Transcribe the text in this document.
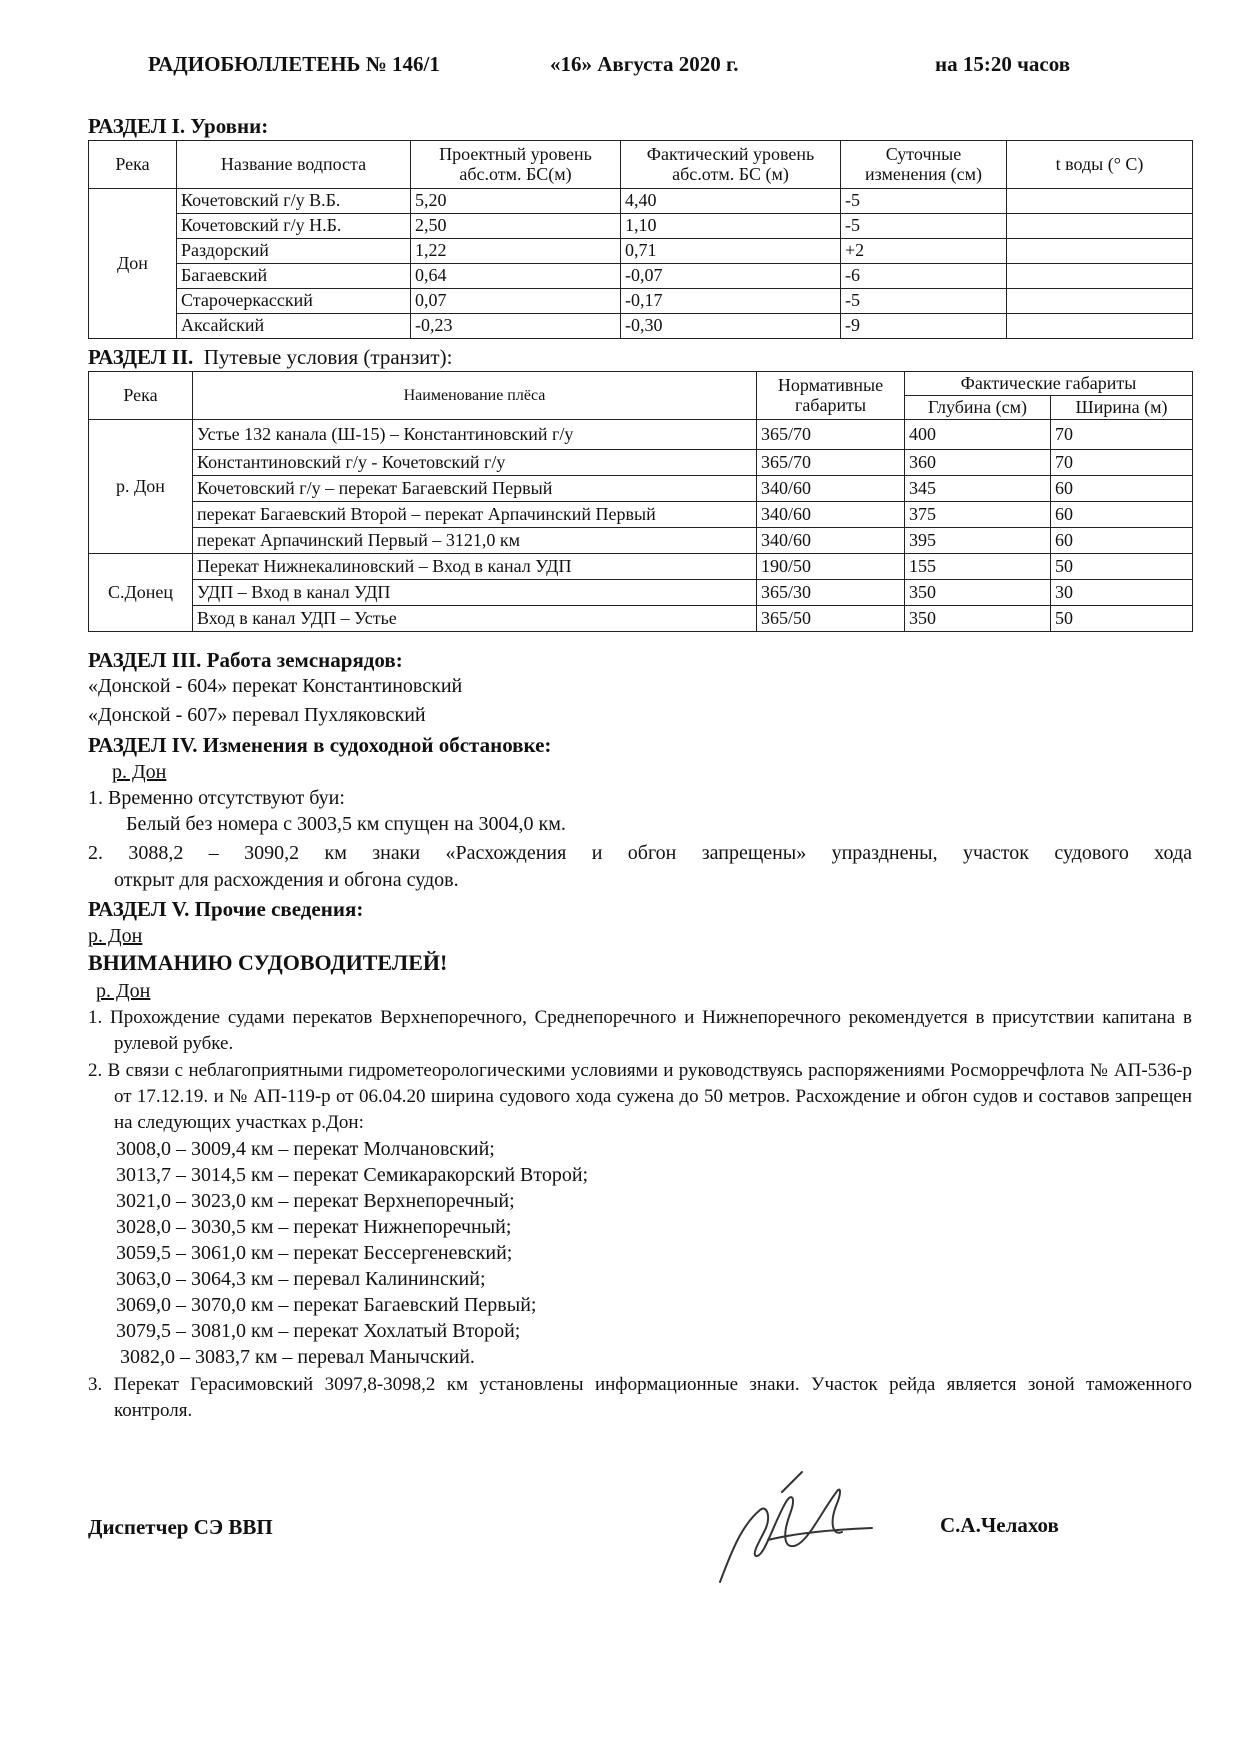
РАДИОБЮЛЛЕТЕНЬ № 146/1	«16» Августа 2020 г.	на 15:20 часов
РАЗДЕЛ I. Уровни:
Река	Название водпоста	Проектный уровень абс.отм. БС(м)	Фактический уровень абс.отм. БС (м)	Суточные изменения (см)	t воды (° С)
Дон	Кочетовский г/у В.Б.	5,20	4,40	-5	
	Кочетовский г/у Н.Б.	2,50	1,10	-5	
	Раздорский	1,22	0,71	+2	
	Багаевский	0,64	-0,07	-6	
	Старочеркасский	0,07	-0,17	-5	
	Аксайский	-0,23	-0,30	-9	
РАЗДЕЛ II. Путевые условия (транзит):
Река	Наименование плёса	Нормативные габариты	Фактические габариты	
			Глубина (см)	Ширина (м)
р. Дон	Устье 132 канала (Ш-15) – Константиновский г/у	365/70	400	70
	Константиновский г/у - Кочетовский г/у	365/70	360	70
	Кочетовский г/у – перекат Багаевский Первый	340/60	345	60
	перекат Багаевский Второй – перекат Арпачинский Первый	340/60	375	60
	перекат Арпачинский Первый – 3121,0 км	340/60	395	60
С.Донец	Перекат Нижнекалиновский – Вход в канал УДП	190/50	155	50
	УДП – Вход в канал УДП	365/30	350	30
	Вход в канал УДП – Устье	365/50	350	50
РАЗДЕЛ III. Работа земснарядов:
«Донской - 604» перекат Константиновский
«Донской - 607» перевал Пухляковский
РАЗДЕЛ IV. Изменения в судоходной обстановке:
р. Дон
1. Временно отсутствуют буи:
Белый без номера с 3003,5 км спущен на 3004,0 км.
2. 3088,2 – 3090,2 км знаки «Расхождения и обгон запрещены» упразднены, участок судового хода
открыт для расхождения и обгона судов.
РАЗДЕЛ V. Прочие сведения:
р. Дон
ВНИМАНИЮ СУДОВОДИТЕЛЕЙ!
р. Дон
1. Прохождение судами перекатов Верхнепоречного, Среднепоречного и Нижнепоречного рекомендуется в присутствии капитана в рулевой рубке.
2. В связи с неблагоприятными гидрометеорологическими условиями и руководствуясь распоряжениями Росморречфлота № АП-536-р от 17.12.19. и № АП-119-р от 06.04.20 ширина судового хода сужена до 50 метров. Расхождение и обгон судов и составов запрещен на следующих участках р.Дон:
3008,0 – 3009,4 км – перекат Молчановский;
3013,7 – 3014,5 км – перекат Семикаракорский Второй;
3021,0 – 3023,0 км – перекат Верхнепоречный;
3028,0 – 3030,5 км – перекат Нижнепоречный;
3059,5 – 3061,0 км – перекат Бессергеневский;
3063,0 – 3064,3 км – перевал Калининский;
3069,0 – 3070,0 км – перекат Багаевский Первый;
3079,5 – 3081,0 км – перекат Хохлатый Второй;
3082,0 – 3083,7 км – перевал Манычский.
3. Перекат Герасимовский 3097,8-3098,2 км установлены информационные знаки. Участок рейда является зоной таможенного контроля.
Диспетчер СЭ ВВП	С.А.Челахов
